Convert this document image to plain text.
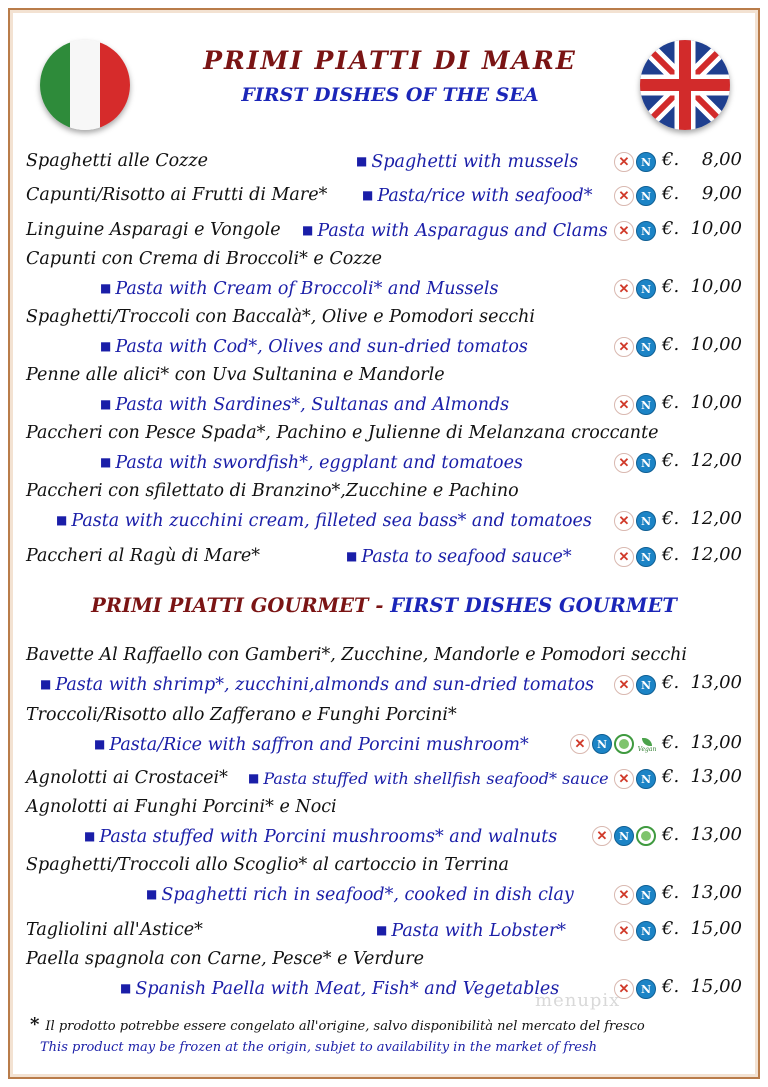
PRIMI PIATTI DI MARE
FIRST DISHES OF THE SEA
Spaghetti alle Cozze	■ Spaghetti with mussels	✕	N €. 8,00
Capunti/Risotto ai Frutti di Mare*	■ Pasta/rice with seafood*	✕	N €. 9,00
Linguine Asparagi e Vongole ■ Pasta with Asparagus and Clams ✕	N €. 10,00
Capunti con Crema di Broccoli* e Cozze
■ Pasta with Cream of Broccoli* and Mussels	✕	N €. 10,00
Spaghetti/Troccoli con Baccalà*, Olive e Pomodori secchi
■ Pasta with Cod*, Olives and sun-dried tomatos	✕	N €. 10,00
Penne alle alici* con Uva Sultanina e Mandorle
■ Pasta with Sardines*, Sultanas and Almonds	✕	N €. 10,00
Paccheri con Pesce Spada*, Pachino e Julienne di Melanzana croccante
■ Pasta with swordfish*, eggplant and tomatoes	✕	N €. 12,00
Paccheri con sfilettato di Branzino*,Zucchine e Pachino
■ Pasta with zucchini cream, filleted sea bass* and tomatoes	✕	N €. 12,00
Paccheri al Ragù di Mare*	■ Pasta to seafood sauce*	✕	N €. 12,00
PRIMI PIATTI GOURMET - FIRST DISHES GOURMET
Bavette Al Raffaello con Gamberi*, Zucchine, Mandorle e Pomodori secchi
■ Pasta with shrimp*, zucchini,almonds and sun-dried tomatos	✕	N €. 13,00
Troccoli/Risotto allo Zafferano e Funghi Porcini*
■ Pasta/Rice with saffron and Porcini mushroom*	✕	N	Vegan €. 13,00
Agnolotti ai Crostacei* ■ Pasta stuffed with shellfish seafood* sauce ✕	N €. 13,00
Agnolotti ai Funghi Porcini* e Noci
■ Pasta stuffed with Porcini mushrooms* and walnuts	✕	N €. 13,00
Spaghetti/Troccoli allo Scoglio* al cartoccio in Terrina
■ Spaghetti rich in seafood*, cooked in dish clay	✕	N €. 13,00
Tagliolini all'Astice*	■ Pasta with Lobster*	✕	N €. 15,00
Paella spagnola con Carne, Pesce* e Verdure
■ Spanish Paella with Meat, Fish* and Vegetables	✕	N €. 15,00
menupix
* Il prodotto potrebbe essere congelato all'origine, salvo disponibilità nel mercato del fresco
This product may be frozen at the origin, subjet to availability in the market of fresh
